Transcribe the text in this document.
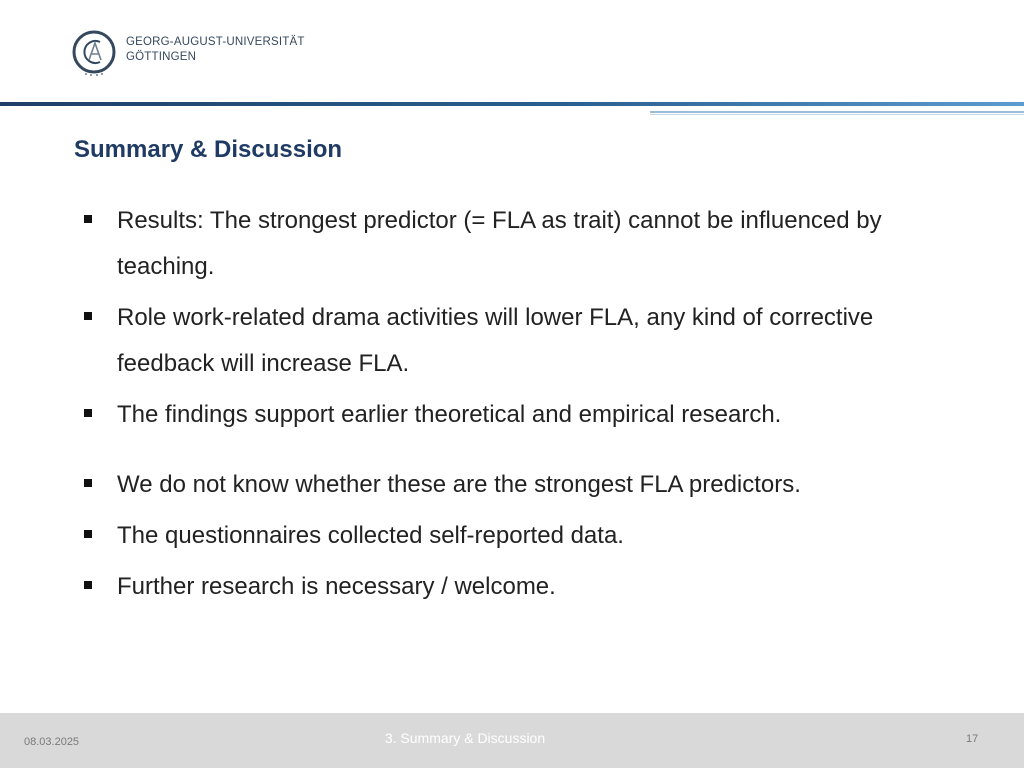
GEORG-AUGUST-UNIVERSITÄT
GÖTTINGEN
Summary & Discussion
Results: The strongest predictor (= FLA as trait) cannot be influenced by teaching.
Role work-related drama activities will lower FLA, any kind of corrective feedback will increase FLA.
The findings support earlier theoretical and empirical research.
We do not know whether these are the strongest FLA predictors.
The questionnaires collected self-reported data.
Further research is necessary / welcome.
08.03.2025	3. Summary & Discussion	17
